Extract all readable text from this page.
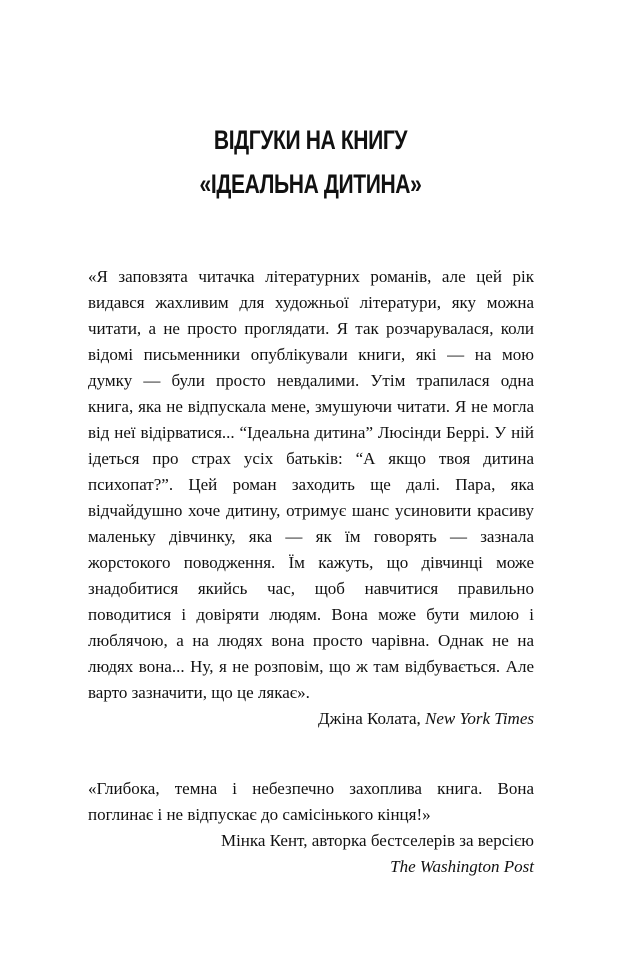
ВІДГУКИ НА КНИГУ
«ІДЕАЛЬНА ДИТИНА»
«Я заповзята читачка літературних романів, але цей рік видався жахливим для художньої літератури, яку можна читати, а не просто проглядати. Я так розчарувалася, коли відомі письменники опублікували книги, які — на мою думку — були просто невдалими. Утім трапилася одна книга, яка не відпускала мене, змушуючи читати. Я не могла від неї відірватися... “Ідеальна дитина” Люсінди Беррі. У ній ідеться про страх усіх батьків: “А якщо твоя дитина психопат?”. Цей роман заходить ще далі. Пара, яка відчайдушно хоче дитину, отримує шанс усиновити красиву маленьку дівчинку, яка — як їм говорять — зазнала жорстокого поводження. Їм кажуть, що дівчинці може знадобитися якийсь час, щоб навчитися правильно поводитися і довіряти людям. Вона може бути милою і люблячою, а на людях вона просто чарівна. Однак не на людях вона... Ну, я не розповім, що ж там відбувається. Але варто зазначити, що це лякає».
Джіна Колата, New York Times
«Глибока, темна і небезпечно захоплива книга. Вона поглинає і не відпускає до самісінького кінця!»
Мінка Кент, авторка бестселерів за версією
The Washington Post
